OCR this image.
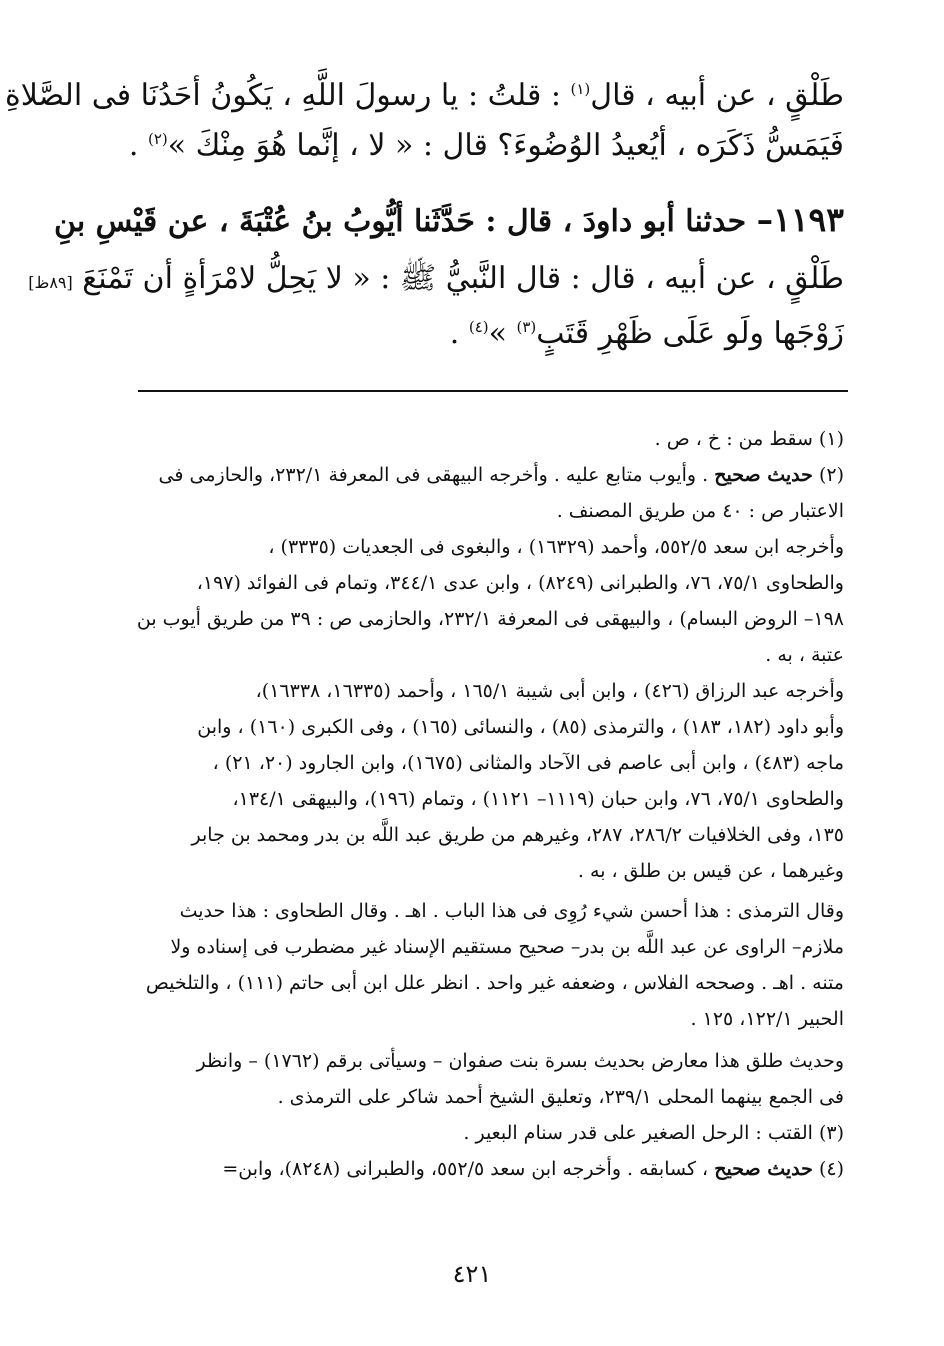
طَلْقٍ ، عن أبيه ، قال$^{(١)}$ : قلتُ : يا رسولَ اللَّهِ ، يَكُونُ أحَدُنَا فى الصَّلاةِ
فَيَمَسُّ ذَكَرَه ، أيُعيدُ الوُضُوءَ؟ قال : « لا ، إنَّما هُوَ مِنْكَ »$^{(٢)}$ .
١١٩٣– حدثنا أبو داودَ ، قال : حَدَّثَنا أيُّوبُ بنُ عُتْبَةَ ، عن قَيْسِ بنِ
طَلْقٍ ، عن أبيه ، قال : قال النَّبيُّ ﷺ : « لا يَحِلُّ لامْرَأةٍ أن تَمْنَعَ [٨٩ظ]
زَوْجَها ولَو عَلَى ظَهْرِ قَتَبٍ$^{(٣)}$ »$^{(٤)}$ .
(١) سقط من : خ ، ص .
(٢) حديث صحيح . وأيوب متابع عليه . وأخرجه البيهقى فى المعرفة ٢٣٢/١، والحازمى فى
الاعتبار ص : ٤٠ من طريق المصنف .
وأخرجه ابن سعد ٥٥٢/٥، وأحمد (١٦٣٢٩) ، والبغوى فى الجعديات (٣٣٣٥) ،
والطحاوى ٧٥/١، ٧٦، والطبرانى (٨٢٤٩) ، وابن عدى ٣٤٤/١، وتمام فى الفوائد (١٩٧،
١٩٨– الروض البسام) ، والبيهقى فى المعرفة ٢٣٢/١، والحازمى ص : ٣٩ من طريق أيوب بن
عتبة ، به .
وأخرجه عبد الرزاق (٤٢٦) ، وابن أبى شيبة ١٦٥/١ ، وأحمد (١٦٣٣٥، ١٦٣٣٨)،
وأبو داود (١٨٢، ١٨٣) ، والترمذى (٨٥) ، والنسائى (١٦٥) ، وفى الكبرى (١٦٠) ، وابن
ماجه (٤٨٣) ، وابن أبى عاصم فى الآحاد والمثانى (١٦٧٥)، وابن الجارود (٢٠، ٢١) ،
والطحاوى ٧٥/١، ٧٦، وابن حبان (١١١٩– ١١٢١) ، وتمام (١٩٦)، والبيهقى ١٣٤/١،
١٣٥، وفى الخلافيات ٢٨٦/٢، ٢٨٧، وغيرهم من طريق عبد اللَّه بن بدر ومحمد بن جابر
وغيرهما ، عن قيس بن طلق ، به .
وقال الترمذى : هذا أحسن شيء رُوِى فى هذا الباب . اهـ . وقال الطحاوى : هذا حديث
ملازم– الراوى عن عبد اللَّه بن بدر– صحيح مستقيم الإسناد غير مضطرب فى إسناده ولا
متنه . اهـ . وصححه الفلاس ، وضعفه غير واحد . انظر علل ابن أبى حاتم (١١١) ، والتلخيص
الحبير ١٢٢/١، ١٢٥ .
وحديث طلق هذا معارض بحديث بسرة بنت صفوان – وسيأتى برقم (١٧٦٢) – وانظر
فى الجمع بينهما المحلى ٢٣٩/١، وتعليق الشيخ أحمد شاكر على الترمذى .
(٣) القتب : الرحل الصغير على قدر سنام البعير .
(٤) حديث صحيح ، كسابقه . وأخرجه ابن سعد ٥٥٢/٥، والطبرانى (٨٢٤٨)، وابن=
٤٢١
